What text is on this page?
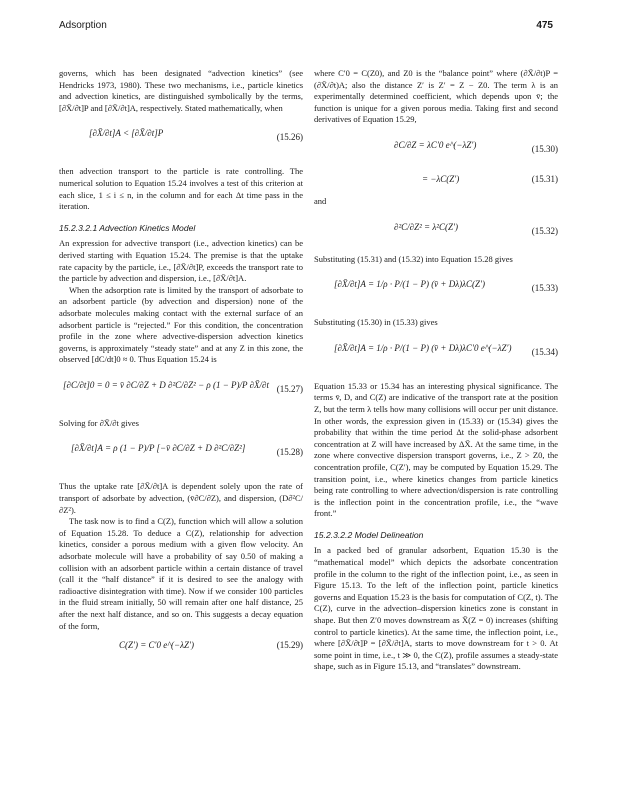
Adsorption	475

governs, which has been designated “advection kinetics” (see Hendricks 1973, 1980). These two mechanisms, i.e., particle kinetics and advection kinetics, are distinguished symbolically by the terms, [∂X̄/∂t]P and [∂X̄/∂t]A, respectively. Stated mathematically, when

[∂X̄/∂t]A < [∂X̄/∂t]P	(15.26)

then advection transport to the particle is rate controlling. The numerical solution to Equation 15.24 involves a test of this criterion at each slice, 1 ≤ i ≤ n, in the column and for each Δt time pass in the iteration.

15.2.3.2.1 Advection Kinetics Model

An expression for advective transport (i.e., advection kinetics) can be derived starting with Equation 15.24. The premise is that the uptake rate capacity by the particle, i.e., [∂X̄/∂t]P, exceeds the transport rate to the particle by advection and dispersion, i.e., [∂X̄/∂t]A.

When the adsorption rate is limited by the transport of adsorbate to an adsorbent particle (by advection and dispersion) none of the adsorbate molecules making contact with the external surface of an adsorbent particle is “rejected.” For this condition, the concentration profile in the zone where advective-dispersion advection kinetics governs, is approximately “steady state” and at any Z in this zone, the observed [dC/dt]0 ≈ 0. Thus Equation 15.24 is

[∂C/∂t]0 = 0 = v̄ ∂C/∂Z + D ∂²C/∂Z² − ρ (1 − P)/P ∂X̄/∂t (15.27)

Solving for ∂X̄/∂t gives

[∂X̄/∂t]A = ρ (1 − P)/P [−v̄ ∂C/∂Z + D ∂²C/∂Z²]	(15.28)

Thus the uptake rate [∂X̄/∂t]A is dependent solely upon the rate of transport of adsorbate by advection, (v̄∂C/∂Z), and dispersion, (D∂²C/∂Z²).

The task now is to find a C(Z), function which will allow a solution of Equation 15.28. To deduce a C(Z), relationship for advection kinetics, consider a porous medium with a given flow velocity. An adsorbate molecule will have a probability of say 0.50 of making a collision with an adsorbent particle within a certain distance of travel (call it the “half distance” if it is desired to see the analogy with radioactive disintegration with time). Now if we consider 100 particles in the fluid stream initially, 50 will remain after one half distance, 25 after the next half distance, and so on. This suggests a decay equation of the form,

C(Z′) = C′0 e^(−λZ′)	(15.29)

where C′0 = C(Z0), and Z0 is the “balance point” where (∂X̄/∂t)P = (∂X̄/∂t)A; also the distance Z′ is Z′ = Z − Z0. The term λ is an experimentally determined coefficient, which depends upon v̄; the function is unique for a given porous media. Taking first and second derivatives of Equation 15.29,

∂C/∂Z = λC′0 e^(−λZ′)	(15.30)
= −λC(Z′)	(15.31)

and

∂²C/∂Z² = λ²C(Z′)	(15.32)

Substituting (15.31) and (15.32) into Equation 15.28 gives

[∂X̄/∂t]A = 1/ρ · P/(1 − P) (v̄ + Dλ)λC(Z′)	(15.33)

Substituting (15.30) in (15.33) gives

[∂X̄/∂t]A = 1/ρ · P/(1 − P) (v̄ + Dλ)λC′0 e^(−λZ′) (15.34)

Equation 15.33 or 15.34 has an interesting physical significance. The terms v̄, D, and C(Z) are indicative of the transport rate at the position Z, but the term λ tells how many collisions will occur per unit distance. In other words, the expression given in (15.33) or (15.34) gives the probability that within the time period Δt the solid-phase adsorbent concentration at Z will have increased by ΔX̄. At the same time, in the zone where convective dispersion transport governs, i.e., Z > Z0, the concentration profile, C(Z′), may be computed by Equation 15.29. The transition point, i.e., where kinetics changes from particle kinetics being rate controlling to where advection/dispersion is rate controlling is the inflection point in the concentration profile, i.e., the “wave front.”

15.2.3.2.2 Model Delineation

In a packed bed of granular adsorbent, Equation 15.30 is the “mathematical model” which depicts the adsorbate concentration profile in the column to the right of the inflection point, i.e., as seen in Figure 15.13. To the left of the inflection point, particle kinetics governs and Equation 15.23 is the basis for computation of C(Z, t). The C(Z), curve in the advection–dispersion kinetics zone is constant in shape. But then Z′0 moves downstream as X̄(Z = 0) increases (shifting control to particle kinetics). At the same time, the inflection point, i.e., where [∂X̄/∂t]P = [∂X̄/∂t]A, starts to move downstream for t > 0. At some point in time, i.e., t ≫ 0, the C(Z), profile assumes a steady-state shape, such as in Figure 15.13, and “translates” downstream.
